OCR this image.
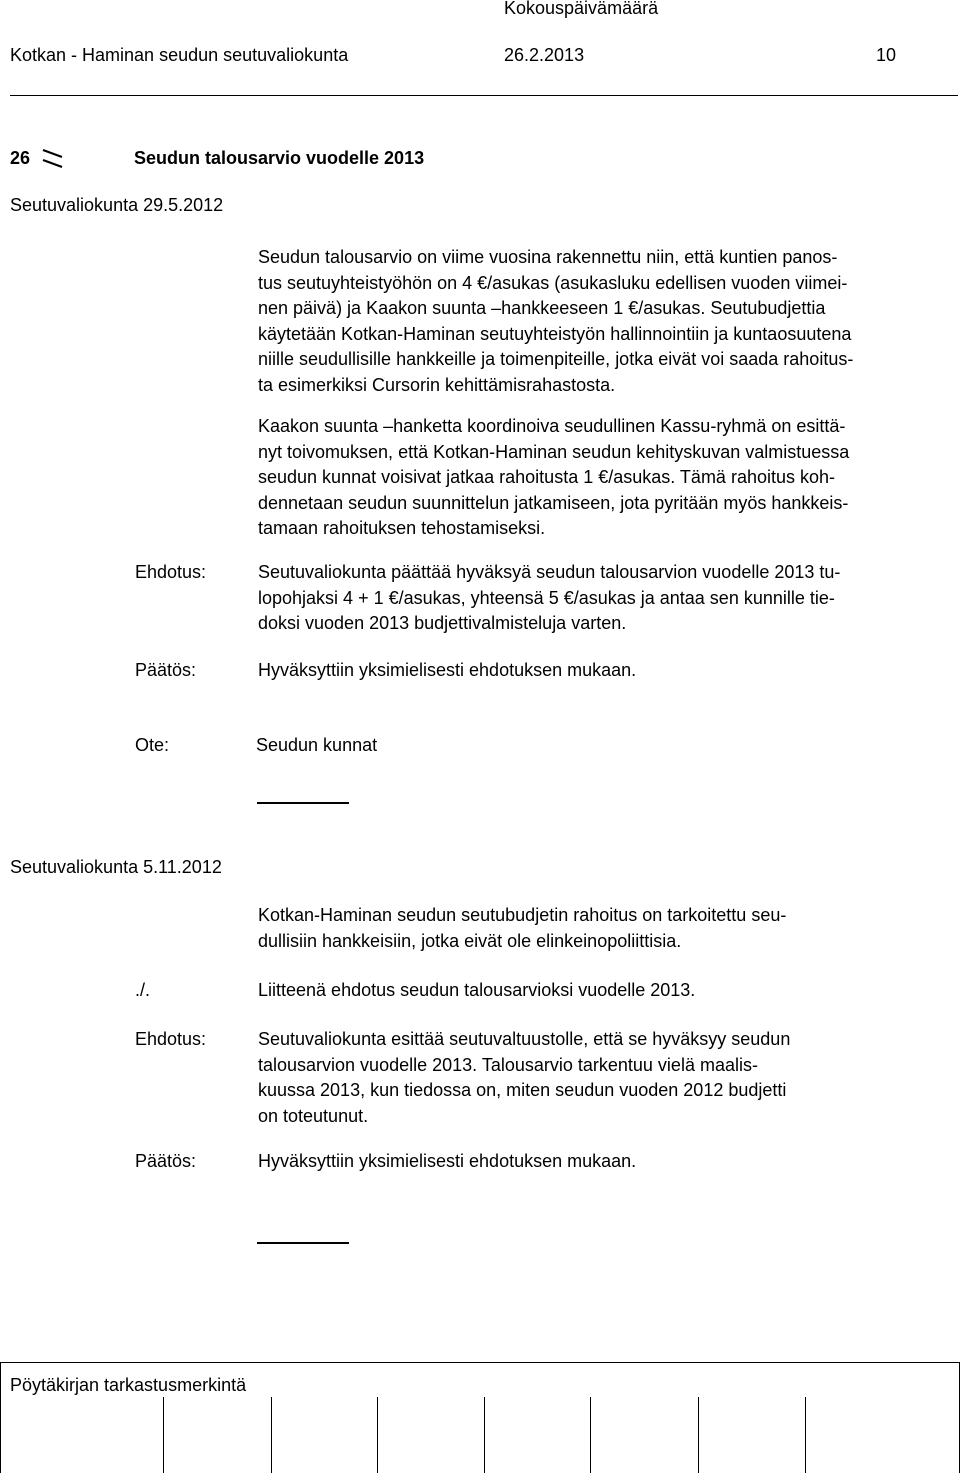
Kokouspäivämäärä
Kotkan - Haminan seudun seutuvaliokunta	26.2.2013	10
26	Seudun talousarvio vuodelle 2013
Seutuvaliokunta 29.5.2012
Seudun talousarvio on viime vuosina rakennettu niin, että kuntien panos-
tus seutuyhteistyöhön on 4 €/asukas (asukasluku edellisen vuoden viimei-
nen päivä) ja Kaakon suunta –hankkeeseen 1 €/asukas. Seutubudjettia
käytetään Kotkan-Haminan seutuyhteistyön hallinnointiin ja kuntaosuutena
niille seudullisille hankkeille ja toimenpiteille, jotka eivät voi saada rahoitus-
ta esimerkiksi Cursorin kehittämisrahastosta.
Kaakon suunta –hanketta koordinoiva seudullinen Kassu-ryhmä on esittä-
nyt toivomuksen, että Kotkan-Haminan seudun kehityskuvan valmistuessa
seudun kunnat voisivat jatkaa rahoitusta 1 €/asukas. Tämä rahoitus koh-
dennetaan seudun suunnittelun jatkamiseen, jota pyritään myös hankkeis-
tamaan rahoituksen tehostamiseksi.
Ehdotus:	Seutuvaliokunta päättää hyväksyä seudun talousarvion vuodelle 2013 tu-
lopohjaksi 4 + 1 €/asukas, yhteensä 5 €/asukas ja antaa sen kunnille tie-
doksi vuoden 2013 budjettivalmisteluja varten.
Päätös:	Hyväksyttiin yksimielisesti ehdotuksen mukaan.
Ote:	Seudun kunnat
Seutuvaliokunta 5.11.2012
Kotkan-Haminan seudun seutubudjetin rahoitus on tarkoitettu seu-
dullisiin hankkeisiin, jotka eivät ole elinkeinopoliittisia.
./.	Liitteenä ehdotus seudun talousarvioksi vuodelle 2013.
Ehdotus:	Seutuvaliokunta esittää seutuvaltuustolle, että se hyväksyy seudun
talousarvion vuodelle 2013. Talousarvio tarkentuu vielä maalis-
kuussa 2013, kun tiedossa on, miten seudun vuoden 2012 budjetti
on toteutunut.
Päätös:	Hyväksyttiin yksimielisesti ehdotuksen mukaan.
Pöytäkirjan tarkastusmerkintä
